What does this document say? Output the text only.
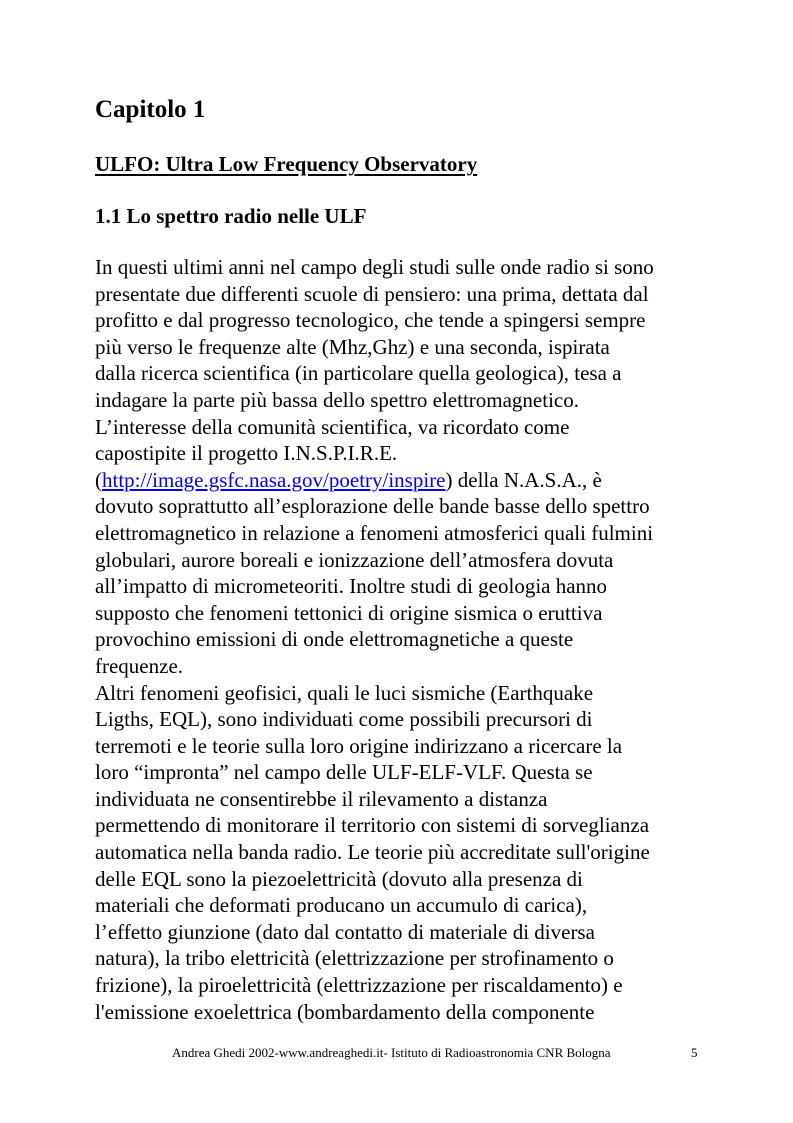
Capitolo 1
ULFO: Ultra Low Frequency Observatory
1.1 Lo spettro radio nelle ULF
In questi ultimi anni nel campo degli studi sulle onde radio si sono
presentate due differenti scuole di pensiero: una prima, dettata dal
profitto e dal progresso tecnologico, che tende a spingersi sempre
più verso le frequenze alte (Mhz,Ghz) e una seconda, ispirata
dalla ricerca scientifica (in particolare quella geologica), tesa a
indagare la parte più bassa dello spettro elettromagnetico.
L’interesse della comunità scientifica, va ricordato come
capostipite il progetto I.N.S.P.I.R.E.
(http://image.gsfc.nasa.gov/poetry/inspire) della N.A.S.A., è
dovuto soprattutto all’esplorazione delle bande basse dello spettro
elettromagnetico in relazione a fenomeni atmosferici quali fulmini
globulari, aurore boreali e ionizzazione dell’atmosfera dovuta
all’impatto di micrometeoriti. Inoltre studi di geologia hanno
supposto che fenomeni tettonici di origine sismica o eruttiva
provochino emissioni di onde elettromagnetiche a queste
frequenze.
Altri fenomeni geofisici, quali le luci sismiche (Earthquake
Ligths, EQL), sono individuati come possibili precursori di
terremoti e le teorie sulla loro origine indirizzano a ricercare la
loro “impronta” nel campo delle ULF-ELF-VLF. Questa se
individuata ne consentirebbe il rilevamento a distanza
permettendo di monitorare il territorio con sistemi di sorveglianza
automatica nella banda radio. Le teorie più accreditate sull'origine
delle EQL sono la piezoelettricità (dovuto alla presenza di
materiali che deformati producano un accumulo di carica),
l’effetto giunzione (dato dal contatto di materiale di diversa
natura), la tribo elettricità (elettrizzazione per strofinamento o
frizione), la piroelettricità (elettrizzazione per riscaldamento) e
l'emissione exoelettrica (bombardamento della componente
Andrea Ghedi 2002-www.andreaghedi.it- Istituto di Radioastronomia CNR Bologna	5
